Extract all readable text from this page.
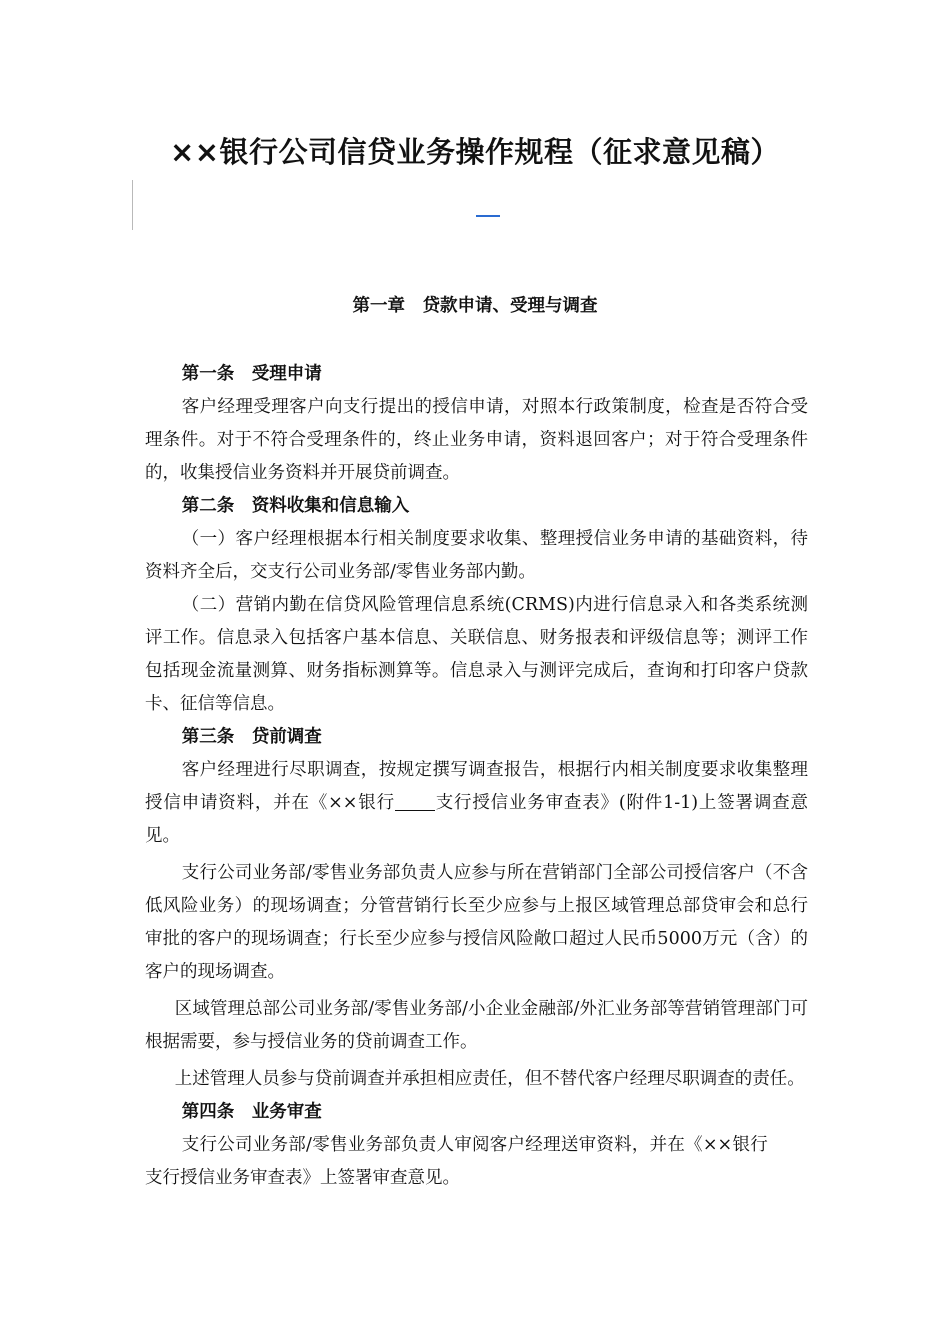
××银行公司信贷业务操作规程（征求意见稿）
第一章　贷款申请、受理与调查

第一条　受理申请

客户经理受理客户向支行提出的授信申请，对照本行政策制度，检查是否符合受理条件。对于不符合受理条件的，终止业务申请，资料退回客户；对于符合受理条件的，收集授信业务资料并开展贷前调查。

第二条　资料收集和信息输入

（一）客户经理根据本行相关制度要求收集、整理授信业务申请的基础资料，待资料齐全后，交支行公司业务部/零售业务部内勤。

（二）营销内勤在信贷风险管理信息系统(CRMS)内进行信息录入和各类系统测评工作。信息录入包括客户基本信息、关联信息、财务报表和评级信息等；测评工作包括现金流量测算、财务指标测算等。信息录入与测评完成后，查询和打印客户贷款卡、征信等信息。

第三条　贷前调查

客户经理进行尽职调查，按规定撰写调查报告，根据行内相关制度要求收集整理授信申请资料，并在《××银行 支行授信业务审查表》(附件1-1)上签署调查意见。

支行公司业务部/零售业务部负责人应参与所在营销部门全部公司授信客户（不含低风险业务）的现场调查；分管营销行长至少应参与上报区域管理总部贷审会和总行审批的客户的现场调查；行长至少应参与授信风险敞口超过人民币5000万元（含）的客户的现场调查。

区域管理总部公司业务部/零售业务部/小企业金融部/外汇业务部等营销管理部门可根据需要，参与授信业务的贷前调查工作。

上述管理人员参与贷前调查并承担相应责任，但不替代客户经理尽职调查的责任。

第四条　业务审查

支行公司业务部/零售业务部负责人审阅客户经理送审资料，并在《××银行支行授信业务审查表》上签署审查意见。
